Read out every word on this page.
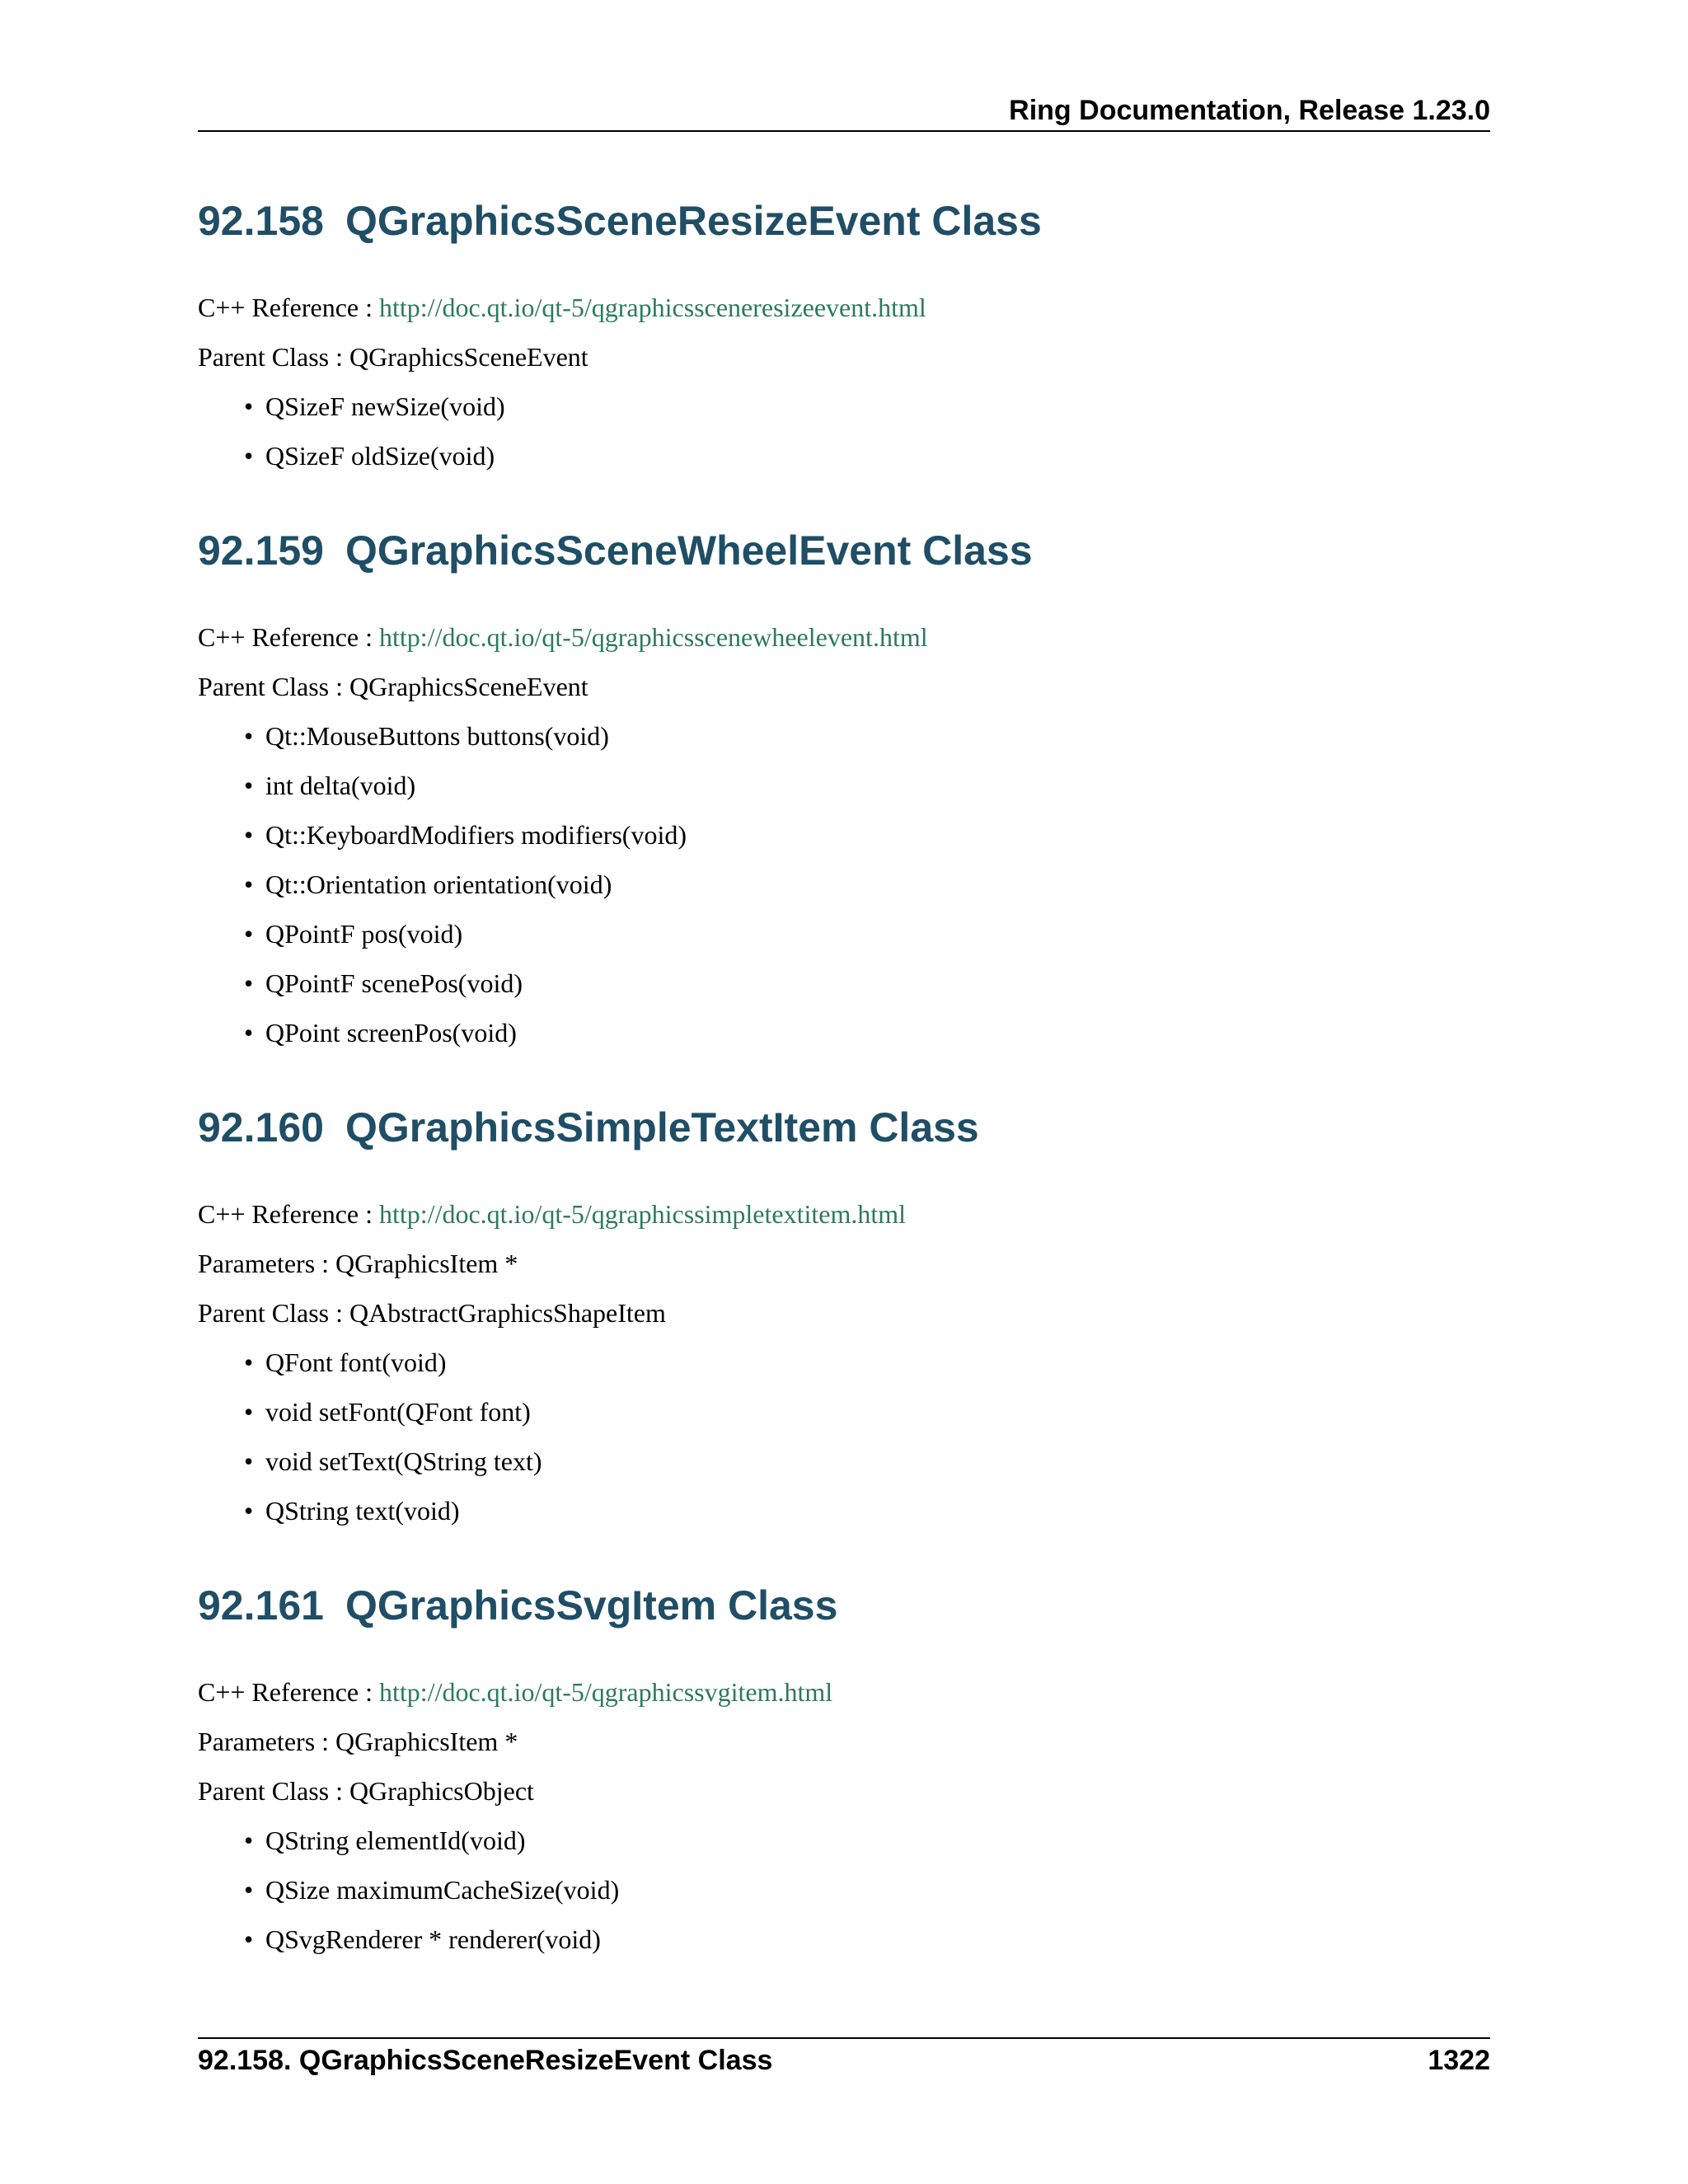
Ring Documentation, Release 1.23.0
92.158 QGraphicsSceneResizeEvent Class

C++ Reference : http://doc.qt.io/qt-5/qgraphicssceneresizeevent.html

Parent Class : QGraphicsSceneEvent

• QSizeF newSize(void)
• QSizeF oldSize(void)
92.159 QGraphicsSceneWheelEvent Class

C++ Reference : http://doc.qt.io/qt-5/qgraphicsscenewheelevent.html

Parent Class : QGraphicsSceneEvent

• Qt::MouseButtons buttons(void)
• int delta(void)
• Qt::KeyboardModifiers modifiers(void)
• Qt::Orientation orientation(void)
• QPointF pos(void)
• QPointF scenePos(void)
• QPoint screenPos(void)
92.160 QGraphicsSimpleTextItem Class

C++ Reference : http://doc.qt.io/qt-5/qgraphicssimpletextitem.html

Parameters : QGraphicsItem *

Parent Class : QAbstractGraphicsShapeItem

• QFont font(void)
• void setFont(QFont font)
• void setText(QString text)
• QString text(void)
92.161 QGraphicsSvgItem Class

C++ Reference : http://doc.qt.io/qt-5/qgraphicssvgitem.html

Parameters : QGraphicsItem *

Parent Class : QGraphicsObject

• QString elementId(void)
• QSize maximumCacheSize(void)
• QSvgRenderer * renderer(void)
92.158. QGraphicsSceneResizeEvent Class	1322
